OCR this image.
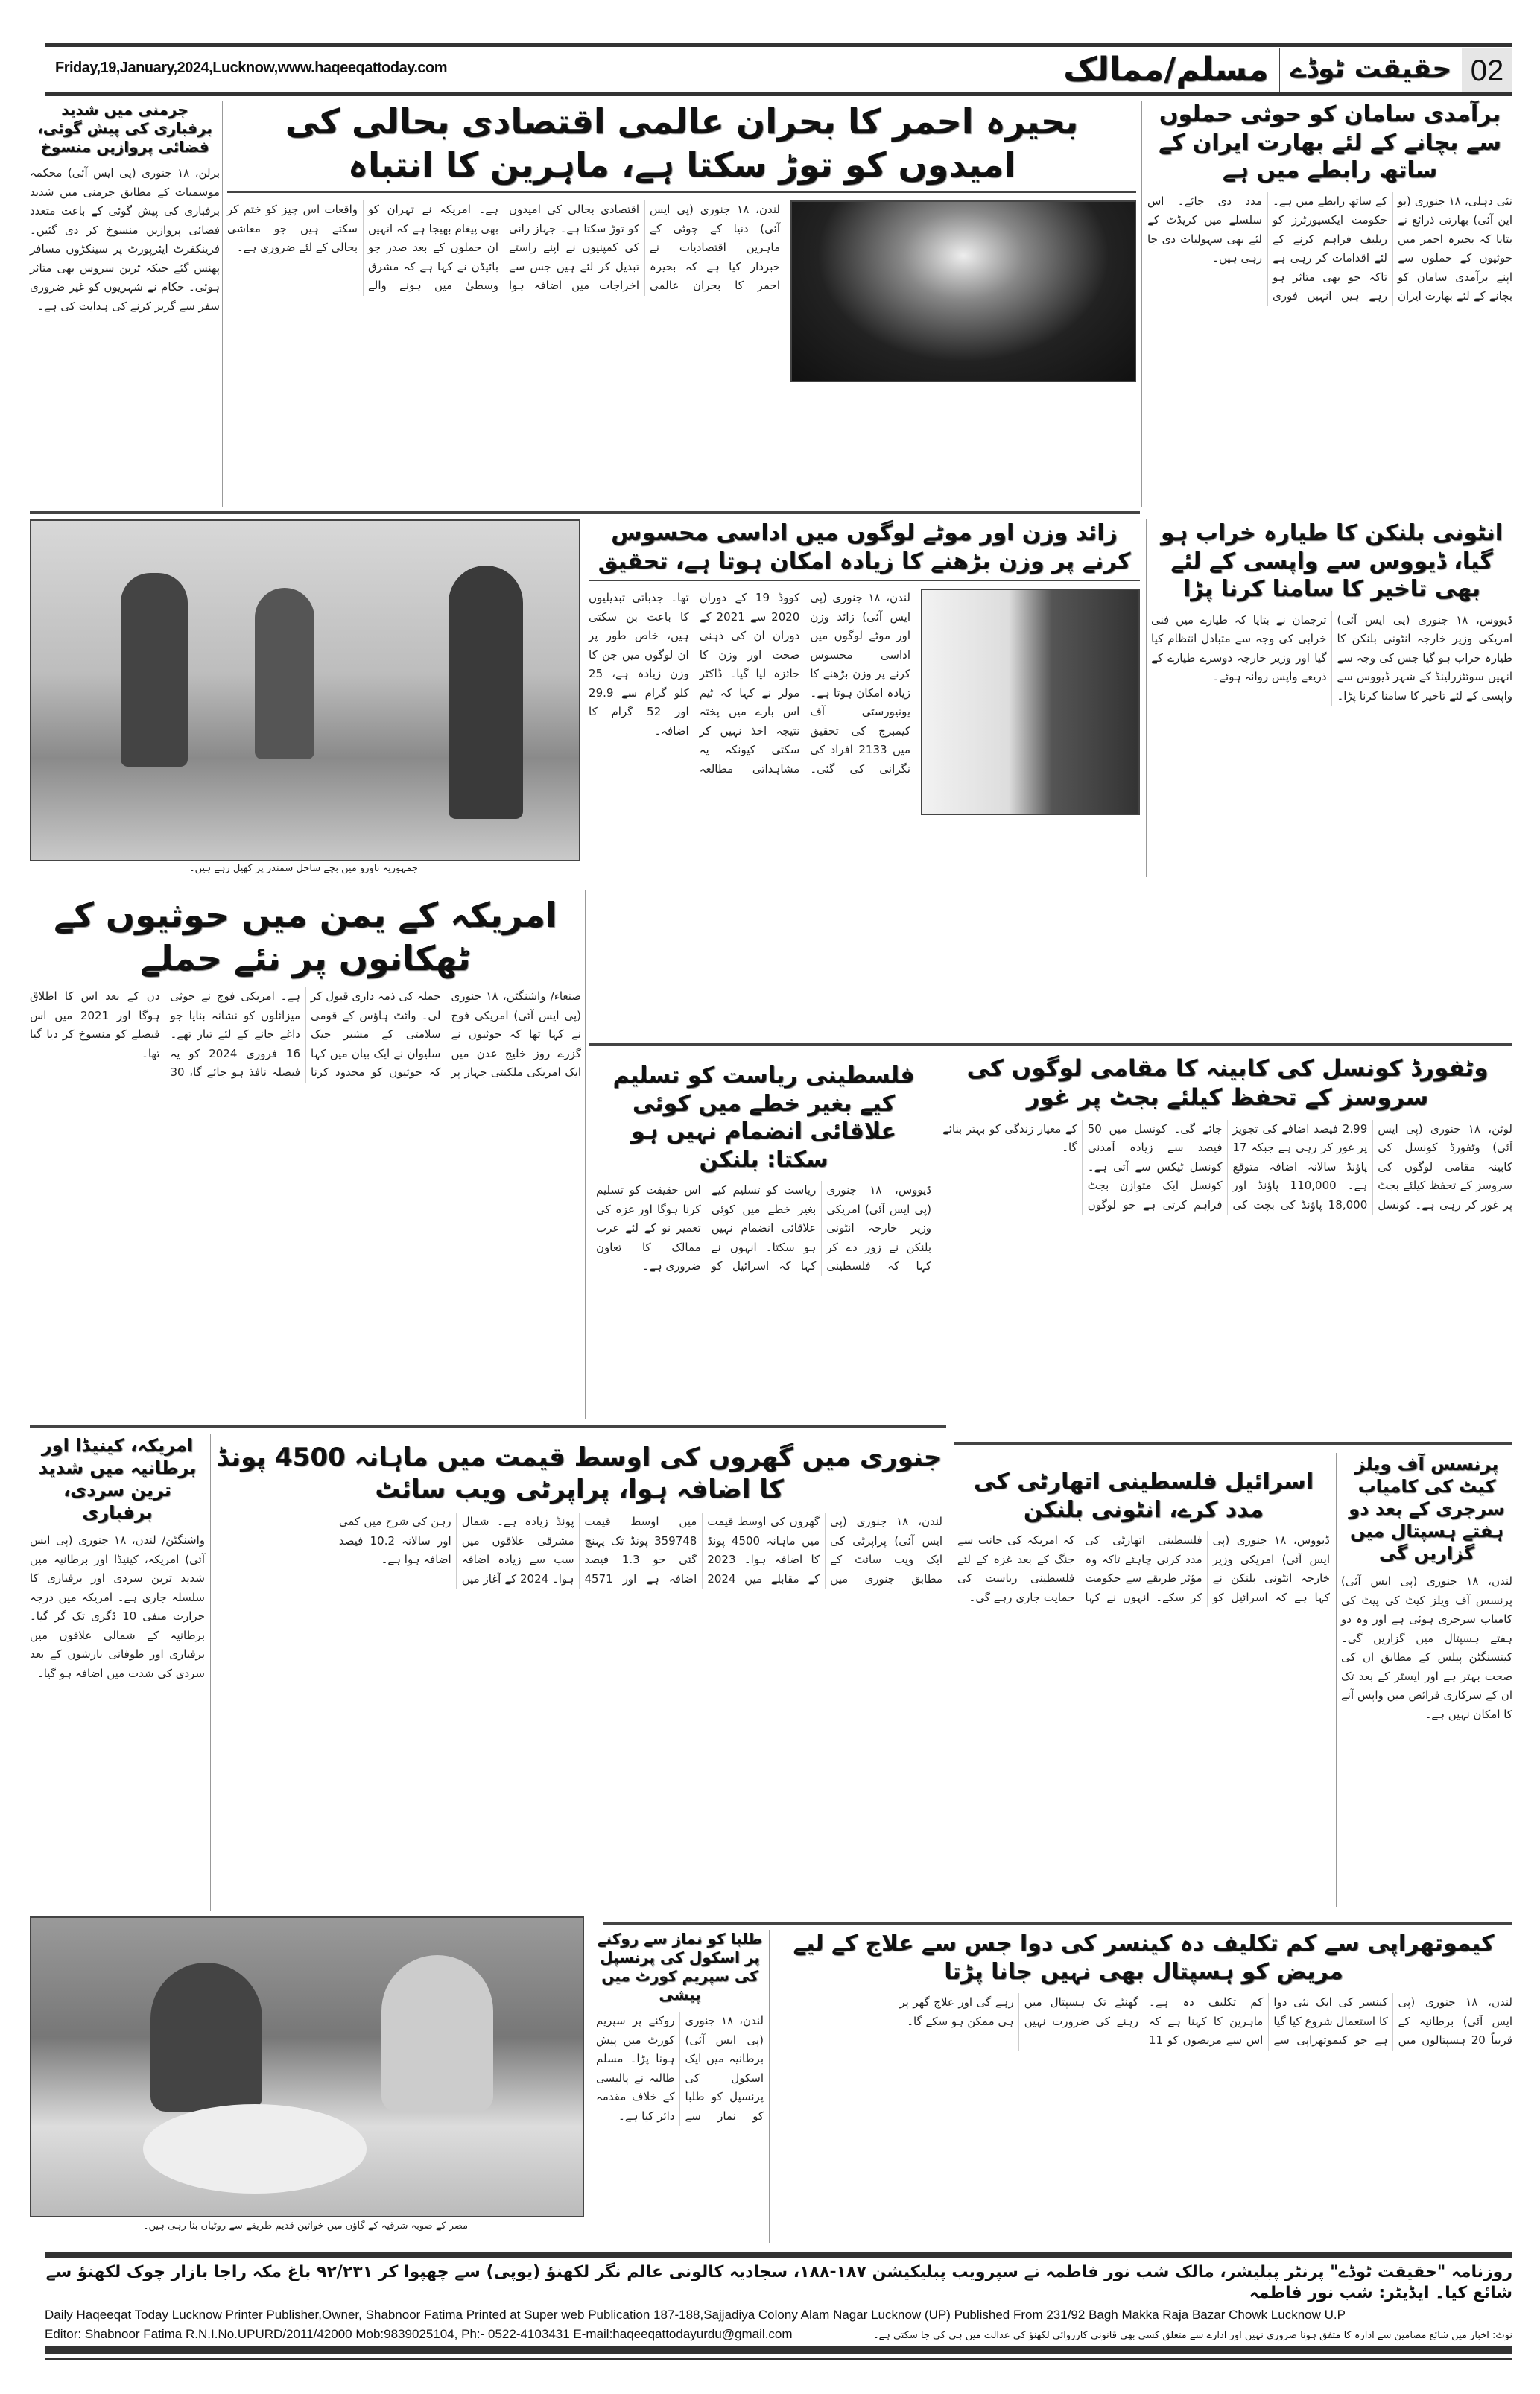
Friday,19,January,2024,Lucknow,www.haqeeqattoday.com	مسلم/ممالک حقیقت ٹوڈے 02
برآمدی سامان کو حوثی حملوں سے بچانے کے لئے بھارت ایران کے ساتھ رابطے میں ہے
نئی دہلی، ۱۸ جنوری (یو این آئی) بھارتی ذرائع نے بتایا کہ بحیرہ احمر میں حوثیوں کے حملوں سے اپنے برآمدی سامان کو بچانے کے لئے بھارت ایران کے ساتھ رابطے میں ہے۔ حکومت ایکسپورٹرز کو ریلیف فراہم کرنے کے لئے اقدامات کر رہی ہے تاکہ جو بھی متاثر ہو رہے ہیں انہیں فوری مدد دی جائے۔ اس سلسلے میں کریڈٹ کے لئے بھی سہولیات دی جا رہی ہیں۔
بحیرہ احمر کا بحران عالمی اقتصادی بحالی کی امیدوں کو توڑ سکتا ہے، ماہرین کا انتباہ
لندن، ۱۸ جنوری (پی ایس آئی) دنیا کے چوٹی کے ماہرین اقتصادیات نے خبردار کیا ہے کہ بحیرہ احمر کا بحران عالمی اقتصادی بحالی کی امیدوں کو توڑ سکتا ہے۔ جہاز رانی کی کمپنیوں نے اپنے راستے تبدیل کر لئے ہیں جس سے اخراجات میں اضافہ ہوا ہے۔ امریکہ نے تہران کو بھی پیغام بھیجا ہے کہ انہیں ان حملوں کے بعد صدر جو بائیڈن نے کہا ہے کہ مشرق وسطیٰ میں ہونے والے واقعات اس چیز کو ختم کر سکتے ہیں جو معاشی بحالی کے لئے ضروری ہے۔
جرمنی میں شدید برفباری کی پیش گوئی، فضائی پروازیں منسوخ
برلن، ۱۸ جنوری (پی ایس آئی) محکمہ موسمیات کے مطابق جرمنی میں شدید برفباری کی پیش گوئی کے باعث متعدد فضائی پروازیں منسوخ کر دی گئیں۔ فرینکفرٹ ایئرپورٹ پر سینکڑوں مسافر پھنس گئے جبکہ ٹرین سروس بھی متاثر ہوئی۔ حکام نے شہریوں کو غیر ضروری سفر سے گریز کرنے کی ہدایت کی ہے۔
جمہوریہ ناورو میں بچے ساحل سمندر پر کھیل رہے ہیں۔
زائد وزن اور موٹے لوگوں میں اداسی محسوس کرنے پر وزن بڑھنے کا زیادہ امکان ہوتا ہے، تحقیق
لندن، ۱۸ جنوری (پی ایس آئی) زائد وزن اور موٹے لوگوں میں اداسی محسوس کرنے پر وزن بڑھنے کا زیادہ امکان ہوتا ہے۔ یونیورسٹی آف کیمبرج کی تحقیق میں 2133 افراد کی نگرانی کی گئی۔ کووڈ 19 کے دوران 2020 سے 2021 کے دوران ان کی ذہنی صحت اور وزن کا جائزہ لیا گیا۔ ڈاکٹر مولر نے کہا کہ ٹیم اس بارے میں پختہ نتیجہ اخذ نہیں کر سکتی کیونکہ یہ مشاہداتی مطالعہ تھا۔ جذباتی تبدیلیوں کا باعث بن سکتی ہیں، خاص طور پر ان لوگوں میں جن کا وزن زیادہ ہے، 25 کلو گرام سے 29.9 اور 52 گرام کا اضافہ۔
انٹونی بلنکن کا طیارہ خراب ہو گیا، ڈیووس سے واپسی کے لئے بھی تاخیر کا سامنا کرنا پڑا
ڈیووس، ۱۸ جنوری (پی ایس آئی) امریکی وزیر خارجہ انٹونی بلنکن کا طیارہ خراب ہو گیا جس کی وجہ سے انہیں سوئٹزرلینڈ کے شہر ڈیووس سے واپسی کے لئے تاخیر کا سامنا کرنا پڑا۔ ترجمان نے بتایا کہ طیارے میں فنی خرابی کی وجہ سے متبادل انتظام کیا گیا اور وزیر خارجہ دوسرے طیارے کے ذریعے واپس روانہ ہوئے۔
امریکہ کے یمن میں حوثیوں کے ٹھکانوں پر نئے حملے
صنعاء/ واشنگٹن، ۱۸ جنوری (پی ایس آئی) امریکی فوج نے کہا تھا کہ حوثیوں نے گزرے روز خلیج عدن میں ایک امریکی ملکیتی جہاز پر حملہ کی ذمہ داری قبول کر لی۔ وائٹ ہاؤس کے قومی سلامتی کے مشیر جیک سلیوان نے ایک بیان میں کہا کہ حوثیوں کو محدود کرنا ہے۔ امریکی فوج نے حوثی میزائلوں کو نشانہ بنایا جو داغے جانے کے لئے تیار تھے۔ 16 فروری 2024 کو یہ فیصلہ نافذ ہو جائے گا، 30 دن کے بعد اس کا اطلاق ہوگا اور 2021 میں اس فیصلے کو منسوخ کر دیا گیا تھا۔
فلسطینی ریاست کو تسلیم کیے بغیر خطے میں کوئی علاقائی انضمام نہیں ہو سکتا: بلنکن
ڈیووس، ۱۸ جنوری (پی ایس آئی) امریکی وزیر خارجہ انٹونی بلنکن نے زور دے کر کہا کہ فلسطینی ریاست کو تسلیم کیے بغیر خطے میں کوئی علاقائی انضمام نہیں ہو سکتا۔ انہوں نے کہا کہ اسرائیل کو اس حقیقت کو تسلیم کرنا ہوگا اور غزہ کی تعمیر نو کے لئے عرب ممالک کا تعاون ضروری ہے۔
وٹفورڈ کونسل کی کابینہ کا مقامی لوگوں کی سروسز کے تحفظ کیلئے بجٹ پر غور
لوٹن، ۱۸ جنوری (پی ایس آئی) وٹفورڈ کونسل کی کابینہ مقامی لوگوں کی سروسز کے تحفظ کیلئے بجٹ پر غور کر رہی ہے۔ کونسل 2.99 فیصد اضافے کی تجویز پر غور کر رہی ہے جبکہ 17 پاؤنڈ سالانہ اضافہ متوقع ہے۔ 110,000 پاؤنڈ اور 18,000 پاؤنڈ کی بچت کی جائے گی۔ کونسل میں 50 فیصد سے زیادہ آمدنی کونسل ٹیکس سے آتی ہے۔ کونسل ایک متوازن بجٹ فراہم کرتی ہے جو لوگوں کے معیار زندگی کو بہتر بنائے گا۔
امریکہ، کینیڈا اور برطانیہ میں شدید ترین سردی، برفباری
واشنگٹن/ لندن، ۱۸ جنوری (پی ایس آئی) امریکہ، کینیڈا اور برطانیہ میں شدید ترین سردی اور برفباری کا سلسلہ جاری ہے۔ امریکہ میں درجہ حرارت منفی 10 ڈگری تک گر گیا۔ برطانیہ کے شمالی علاقوں میں برفباری اور طوفانی بارشوں کے بعد سردی کی شدت میں اضافہ ہو گیا۔
جنوری میں گھروں کی اوسط قیمت میں ماہانہ 4500 پونڈ کا اضافہ ہوا، پراپرٹی ویب سائٹ
لندن، ۱۸ جنوری (پی ایس آئی) پراپرٹی کی ایک ویب سائٹ کے مطابق جنوری میں گھروں کی اوسط قیمت میں ماہانہ 4500 پونڈ کا اضافہ ہوا۔ 2023 کے مقابلے میں 2024 میں اوسط قیمت 359748 پونڈ تک پہنچ گئی جو 1.3 فیصد اضافہ ہے اور 4571 پونڈ زیادہ ہے۔ شمال مشرقی علاقوں میں سب سے زیادہ اضافہ ہوا۔ 2024 کے آغاز میں رہن کی شرح میں کمی اور سالانہ 10.2 فیصد اضافہ ہوا ہے۔
اسرائیل فلسطینی اتھارٹی کی مدد کرے، انٹونی بلنکن
ڈیووس، ۱۸ جنوری (پی ایس آئی) امریکی وزیر خارجہ انٹونی بلنکن نے کہا ہے کہ اسرائیل کو فلسطینی اتھارٹی کی مدد کرنی چاہئے تاکہ وہ مؤثر طریقے سے حکومت کر سکے۔ انہوں نے کہا کہ امریکہ کی جانب سے جنگ کے بعد غزہ کے لئے فلسطینی ریاست کی حمایت جاری رہے گی۔
پرنسس آف ویلز کیٹ کی کامیاب سرجری کے بعد دو ہفتے ہسپتال میں گزاریں گی
لندن، ۱۸ جنوری (پی ایس آئی) پرنسس آف ویلز کیٹ کی پیٹ کی کامیاب سرجری ہوئی ہے اور وہ دو ہفتے ہسپتال میں گزاریں گی۔ کینسنگٹن پیلس کے مطابق ان کی صحت بہتر ہے اور ایسٹر کے بعد تک ان کے سرکاری فرائض میں واپس آنے کا امکان نہیں ہے۔
مصر کے صوبہ شرقیہ کے گاؤں میں خواتین قدیم طریقے سے روٹیاں بنا رہی ہیں۔
طلبا کو نماز سے روکنے پر اسکول کی پرنسپل کی سپریم کورٹ میں پیشی
لندن، ۱۸ جنوری (پی ایس آئی) برطانیہ میں ایک اسکول کی پرنسپل کو طلبا کو نماز سے روکنے پر سپریم کورٹ میں پیش ہونا پڑا۔ مسلم طالبہ نے پالیسی کے خلاف مقدمہ دائر کیا ہے۔
کیموتھراپی سے کم تکلیف دہ کینسر کی دوا جس سے علاج کے لیے مریض کو ہسپتال بھی نہیں جانا پڑتا
لندن، ۱۸ جنوری (پی ایس آئی) برطانیہ کے قریباً 20 ہسپتالوں میں کینسر کی ایک نئی دوا کا استعمال شروع کیا گیا ہے جو کیموتھراپی سے کم تکلیف دہ ہے۔ ماہرین کا کہنا ہے کہ اس سے مریضوں کو 11 گھنٹے تک ہسپتال میں رہنے کی ضرورت نہیں رہے گی اور علاج گھر پر ہی ممکن ہو سکے گا۔
روزنامہ "حقیقت ٹوڈے" پرنٹر پبلیشر، مالک شب نور فاطمہ نے سپرویب پبلیکیشن ۱۸۷-۱۸۸، سجادیہ کالونی عالم نگر لکھنؤ (یوپی) سے چھپوا کر ۹۲/۲۳۱ باغ مکہ راجا بازار چوک لکھنؤ سے شائع کیا۔ ایڈیٹر: شب نور فاطمہ
Daily Haqeeqat Today Lucknow Printer Publisher,Owner, Shabnoor Fatima Printed at Super web Publication 187-188,Sajjadiya Colony Alam Nagar Lucknow (UP) Published From 231/92 Bagh Makka Raja Bazar Chowk Lucknow U.P
Editor: Shabnoor Fatima R.N.I.No.UPURD/2011/42000 Mob:9839025104, Ph:- 0522-4103431 E-mail:haqeeqattodayurdu@gmail.com	نوٹ: اخبار میں شائع مضامین سے ادارہ کا متفق ہونا ضروری نہیں اور ادارے سے متعلق کسی بھی قانونی کارروائی لکھنؤ کی عدالت میں ہی کی جا سکتی ہے۔
